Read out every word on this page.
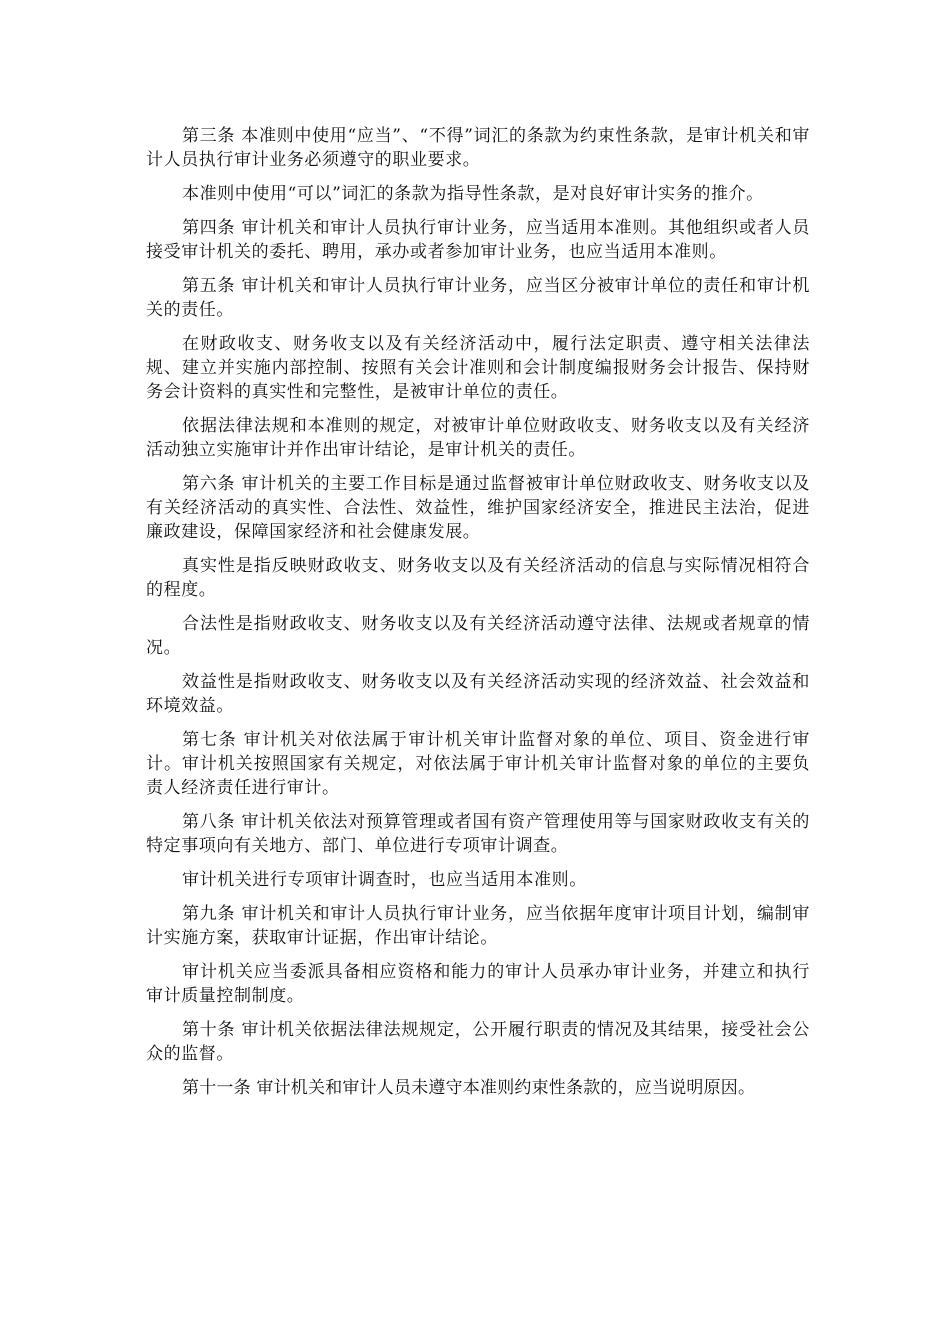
第三条 本准则中使用“应当”、“不得”词汇的条款为约束性条款，是审计机关和审计人员执行审计业务必须遵守的职业要求。

本准则中使用“可以”词汇的条款为指导性条款，是对良好审计实务的推介。

第四条 审计机关和审计人员执行审计业务，应当适用本准则。其他组织或者人员接受审计机关的委托、聘用，承办或者参加审计业务，也应当适用本准则。

第五条 审计机关和审计人员执行审计业务，应当区分被审计单位的责任和审计机关的责任。

在财政收支、财务收支以及有关经济活动中，履行法定职责、遵守相关法律法规、建立并实施内部控制、按照有关会计准则和会计制度编报财务会计报告、保持财务会计资料的真实性和完整性，是被审计单位的责任。

依据法律法规和本准则的规定，对被审计单位财政收支、财务收支以及有关经济活动独立实施审计并作出审计结论，是审计机关的责任。

第六条 审计机关的主要工作目标是通过监督被审计单位财政收支、财务收支以及有关经济活动的真实性、合法性、效益性，维护国家经济安全，推进民主法治，促进廉政建设，保障国家经济和社会健康发展。

真实性是指反映财政收支、财务收支以及有关经济活动的信息与实际情况相符合的程度。

合法性是指财政收支、财务收支以及有关经济活动遵守法律、法规或者规章的情况。

效益性是指财政收支、财务收支以及有关经济活动实现的经济效益、社会效益和环境效益。

第七条 审计机关对依法属于审计机关审计监督对象的单位、项目、资金进行审计。审计机关按照国家有关规定，对依法属于审计机关审计监督对象的单位的主要负责人经济责任进行审计。

第八条 审计机关依法对预算管理或者国有资产管理使用等与国家财政收支有关的特定事项向有关地方、部门、单位进行专项审计调查。

审计机关进行专项审计调查时，也应当适用本准则。

第九条 审计机关和审计人员执行审计业务，应当依据年度审计项目计划，编制审计实施方案，获取审计证据，作出审计结论。

审计机关应当委派具备相应资格和能力的审计人员承办审计业务，并建立和执行审计质量控制制度。

第十条 审计机关依据法律法规规定，公开履行职责的情况及其结果，接受社会公众的监督。

第十一条 审计机关和审计人员未遵守本准则约束性条款的，应当说明原因。
